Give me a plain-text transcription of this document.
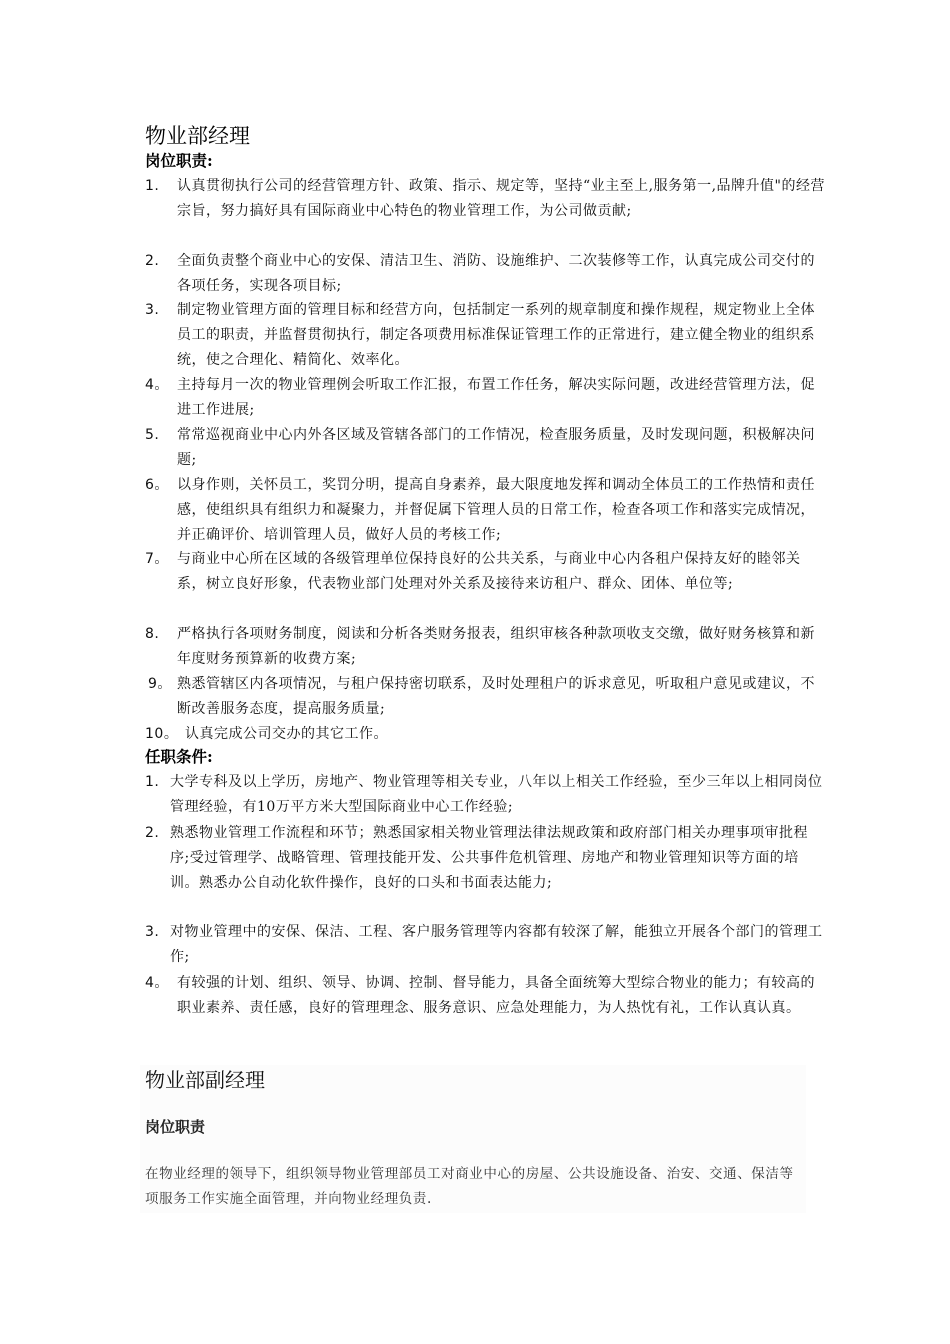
物业部经理
岗位职责:
1.	认真贯彻执行公司的经营管理方针、政策、指示、规定等，坚持“业主至上,服务第一,品牌升值"的经营宗旨，努力搞好具有国际商业中心特色的物业管理工作，为公司做贡献;
2.	全面负责整个商业中心的安保、清洁卫生、消防、设施维护、二次装修等工作，认真完成公司交付的各项任务，实现各项目标;
3.	制定物业管理方面的管理目标和经营方向，包括制定一系列的规章制度和操作规程，规定物业上全体员工的职责，并监督贯彻执行，制定各项费用标准保证管理工作的正常进行，建立健全物业的组织系统，使之合理化、精简化、效率化。
4。 主持每月一次的物业管理例会听取工作汇报，布置工作任务，解决实际问题，改进经营管理方法，促进工作进展;
5.	常常巡视商业中心内外各区域及管辖各部门的工作情况，检查服务质量，及时发现问题，积极解决问题;
6。 以身作则，关怀员工，奖罚分明，提高自身素养，最大限度地发挥和调动全体员工的工作热情和责任感，使组织具有组织力和凝聚力，并督促属下管理人员的日常工作，检查各项工作和落实完成情况，并正确评价、培训管理人员，做好人员的考核工作;
7。 与商业中心所在区域的各级管理单位保持良好的公共关系，与商业中心内各租户保持友好的睦邻关系，树立良好形象，代表物业部门处理对外关系及接待来访租户、群众、团体、单位等;
8.	严格执行各项财务制度，阅读和分析各类财务报表，组织审核各种款项收支交缴，做好财务核算和新年度财务预算新的收费方案;
9。 熟悉管辖区内各项情况，与租户保持密切联系，及时处理租户的诉求意见，听取租户意见或建议，不断改善服务态度，提高服务质量;
10。 认真完成公司交办的其它工作。
任职条件:
1. 大学专科及以上学历，房地产、物业管理等相关专业，八年以上相关工作经验，至少三年以上相同岗位管理经验，有10万平方米大型国际商业中心工作经验;
2. 熟悉物业管理工作流程和环节；熟悉国家相关物业管理法律法规政策和政府部门相关办理事项审批程序;受过管理学、战略管理、管理技能开发、公共事件危机管理、房地产和物业管理知识等方面的培训。熟悉办公自动化软件操作，良好的口头和书面表达能力;
3. 对物业管理中的安保、保洁、工程、客户服务管理等内容都有较深了解，能独立开展各个部门的管理工作;
4。 有较强的计划、组织、领导、协调、控制、督导能力，具备全面统筹大型综合物业的能力；有较高的职业素养、责任感，良好的管理理念、服务意识、应急处理能力，为人热忱有礼，工作认真认真。
物业部副经理
岗位职责
在物业经理的领导下，组织领导物业管理部员工对商业中心的房屋、公共设施设备、治安、交通、保洁等项服务工作实施全面管理，并向物业经理负责.
